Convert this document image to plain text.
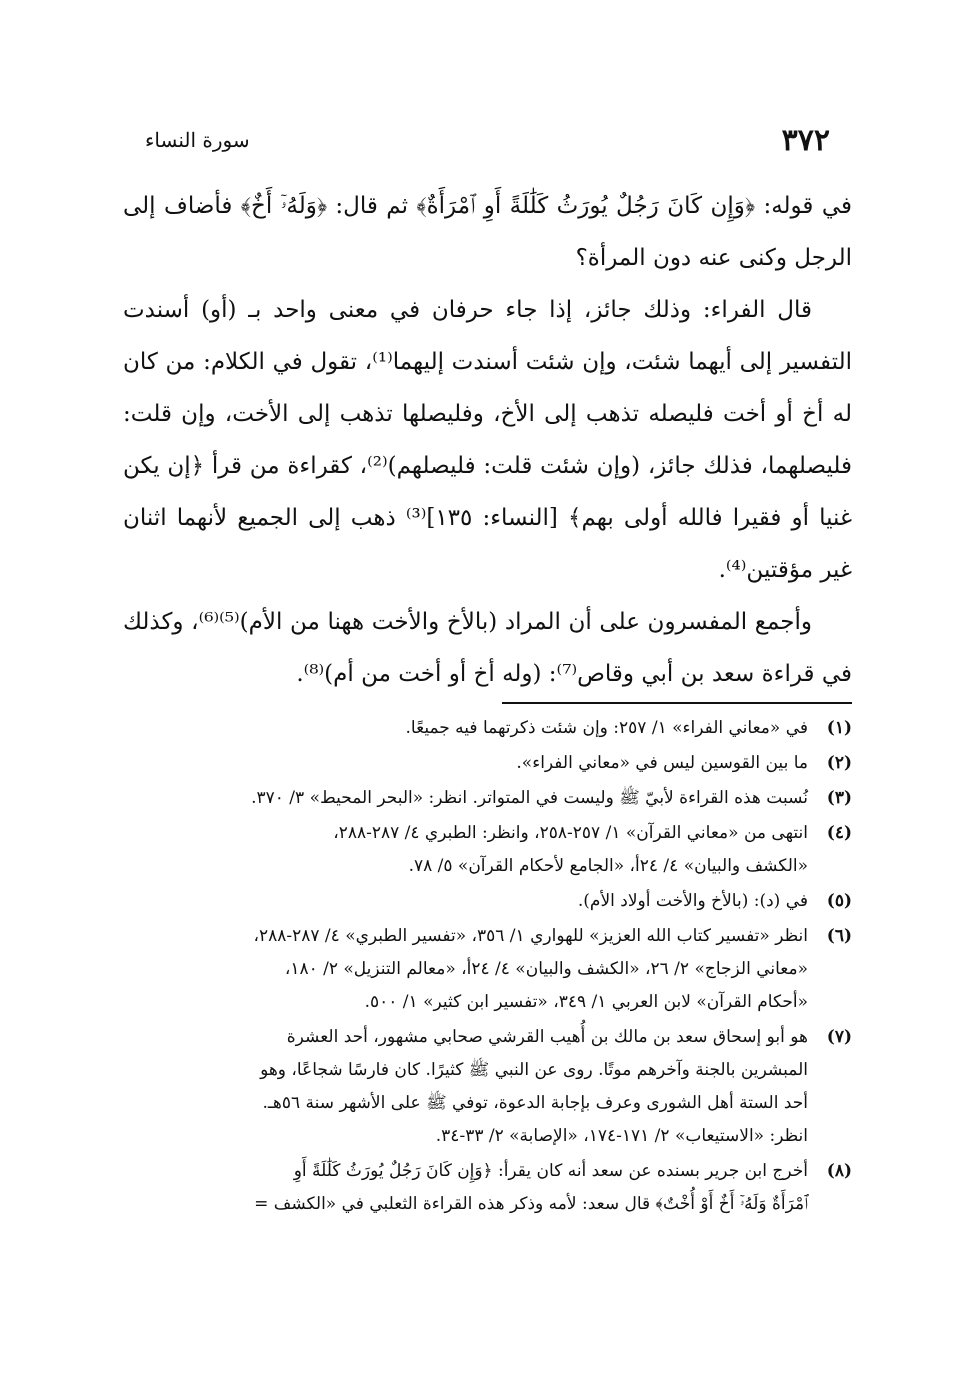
٣٧٢
سورة النساء

في قوله: ﴿وَإِن كَانَ رَجُلٌ يُورَثُ كَلَٰلَةً أَوِ ٱمْرَأَةٌ﴾ ثم قال: ﴿وَلَهُۥٓ أَخٌ﴾ فأضاف إلى الرجل وكنى عنه دون المرأة؟

قال الفراء: وذلك جائز، إذا جاء حرفان في معنى واحد بـ (أو) أسندت التفسير إلى أيهما شئت، وإن شئت أسندت إليهما⁽¹⁾، تقول في الكلام: من كان له أخ أو أخت فليصله تذهب إلى الأخ، وفليصلها تذهب إلى الأخت، وإن قلت: فليصلهما، فذلك جائز، (وإن شئت قلت: فليصلهم)⁽²⁾، كقراءة من قرأ ﴿إن يكن غنيا أو فقيرا فالله أولى بهم﴾ [النساء: ١٣٥]⁽³⁾ ذهب إلى الجميع لأنهما اثنان غير مؤقتين⁽⁴⁾.

وأجمع المفسرون على أن المراد (بالأخ والأخت ههنا من الأم)⁽⁵⁾⁽⁶⁾، وكذلك في قراءة سعد بن أبي وقاص⁽⁷⁾: (وله أخ أو أخت من أم)⁽⁸⁾.

(١)
في «معاني الفراء» ١/ ٢٥٧: وإن شئت ذكرتهما فيه جميعًا.
(٢)
ما بين القوسين ليس في «معاني الفراء».
(٣)
نُسبت هذه القراءة لأبيّ ﷺ وليست في المتواتر. انظر: «البحر المحيط» ٣/ ٣٧٠.
(٤)
انتهى من «معاني القرآن» ١/ ٢٥٧-٢٥٨، وانظر: الطبري ٤/ ٢٨٧-٢٨٨،
«الكشف والبيان» ٤/ ٢٤أ، «الجامع لأحكام القرآن» ٥/ ٧٨.
(٥)
في (د): (بالأخ والأخت أولاد الأم).
(٦)
انظر «تفسير كتاب الله العزيز» للهواري ١/ ٣٥٦، «تفسير الطبري» ٤/ ٢٨٧-٢٨٨،
«معاني الزجاج» ٢/ ٢٦، «الكشف والبيان» ٤/ ٢٤أ، «معالم التنزيل» ٢/ ١٨٠،
«أحكام القرآن» لابن العربي ١/ ٣٤٩، «تفسير ابن كثير» ١/ ٥٠٠.
(٧)
هو أبو إسحاق سعد بن مالك بن أُهيب القرشي صحابي مشهور، أحد العشرة
المبشرين بالجنة وآخرهم موتًا. روى عن النبي ﷺ كثيرًا. كان فارسًا شجاعًا، وهو
أحد الستة أهل الشورى وعرف بإجابة الدعوة، توفي ﷺ على الأشهر سنة ٥٦هـ.
انظر: «الاستيعاب» ٢/ ١٧١-١٧٤، «الإصابة» ٢/ ٣٣-٣٤.
(٨)
أخرج ابن جرير بسنده عن سعد أنه كان يقرأ: ﴿وَإِن كَانَ رَجُلٌ يُورَثُ كَلَٰلَةً أَوِ
ٱمْرَأَةٌ وَلَهُۥٓ أَخٌ أَوْ أُخْتٌ﴾ قال سعد: لأمه وذكر هذه القراءة الثعلبي في «الكشف =
